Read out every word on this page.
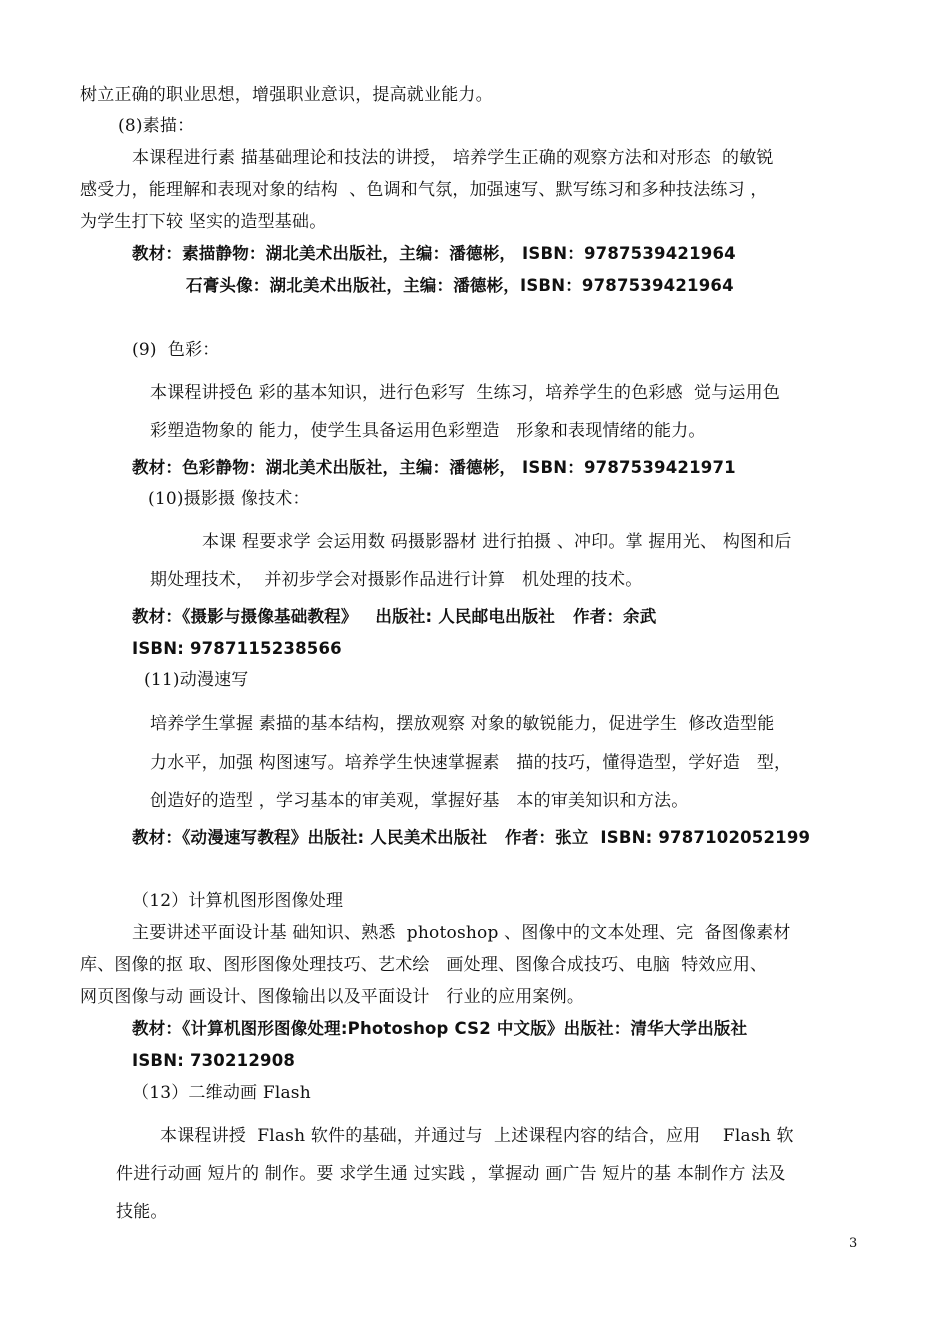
树立正确的职业思想，增强职业意识，提高就业能力。
(8)素描：
本课程进行素 描基础理论和技法的讲授， 培养学生正确的观察方法和对形态  的敏锐
感受力，能理解和表现对象的结构  、色调和气氛，加强速写、默写练习和多种技法练习 ，
为学生打下较 坚实的造型基础。
教材：素描静物：湖北美术出版社，主编：潘德彬， ISBN：9787539421964
石膏头像：湖北美术出版社，主编：潘德彬，ISBN：9787539421964
(9)  色彩：
本课程讲授色 彩的基本知识，进行色彩写  生练习，培养学生的色彩感  觉与运用色
彩塑造物象的 能力，使学生具备运用色彩塑造   形象和表现情绪的能力。
教材：色彩静物：湖北美术出版社，主编：潘德彬， ISBN：9787539421971
(10)摄影摄 像技术：
本课 程要求学 会运用数 码摄影器材 进行拍摄 、冲印。掌 握用光、 构图和后
期处理技术，  并初步学会对摄影作品进行计算   机处理的技术。
教材：《摄影与摄像基础教程》   出版社: 人民邮电出版社   作者：余武
ISBN: 9787115238566
(11)动漫速写
培养学生掌握 素描的基本结构，摆放观察 对象的敏锐能力，促进学生  修改造型能
力水平，加强 构图速写。培养学生快速掌握素   描的技巧，懂得造型，学好造   型，
创造好的造型 ，学习基本的审美观，掌握好基   本的审美知识和方法。
教材：《动漫速写教程》出版社: 人民美术出版社   作者：张立  ISBN: 9787102052199
（12）计算机图形图像处理
主要讲述平面设计基 础知识、熟悉  photoshop 、图像中的文本处理、完  备图像素材
库、图像的抠 取、图形图像处理技巧、艺术绘   画处理、图像合成技巧、电脑  特效应用、
网页图像与动 画设计、图像输出以及平面设计   行业的应用案例。
教材：《计算机图形图像处理:Photoshop CS2 中文版》出版社：清华大学出版社
ISBN: 730212908
（13）二维动画 Flash
本课程讲授  Flash 软件的基础，并通过与  上述课程内容的结合，应用    Flash 软
件进行动画 短片的 制作。要 求学生通 过实践 ，掌握动 画广告 短片的基 本制作方 法及
技能。
3
